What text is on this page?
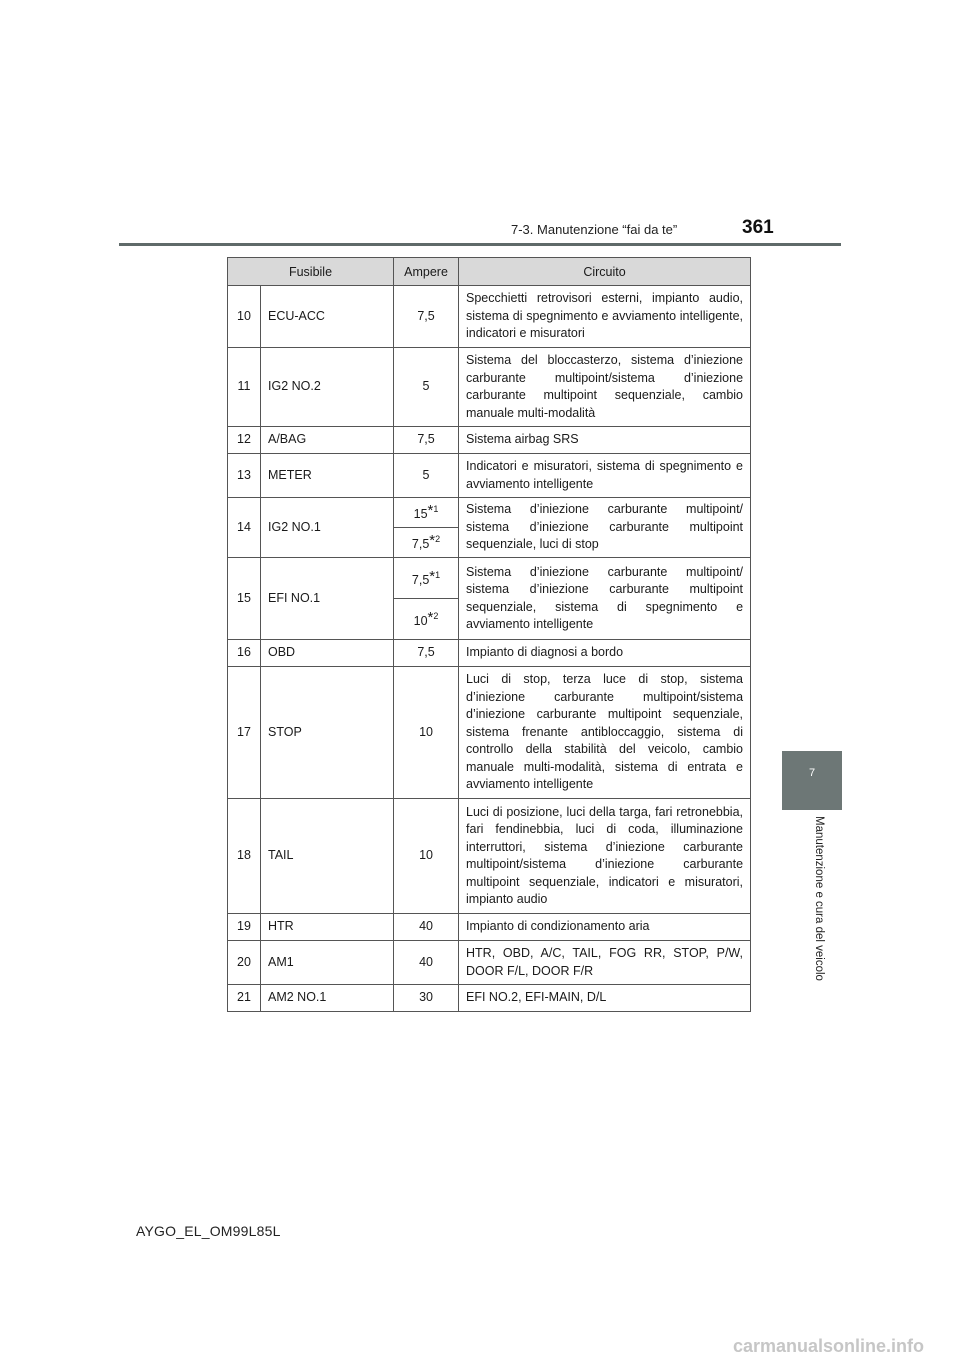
7-3. Manutenzione “fai da te”	361
7
Manutenzione e cura del veicolo
Fusibile		Ampere	Circuito
10	ECU-ACC	7,5	Specchietti retrovisori esterni, impianto audio, sistema di spegnimento e avviamento intelligente, indicatori e misuratori
11	IG2 NO.2	5	Sistema del bloccasterzo, sistema d’iniezione carburante multipoint/sistema d’iniezione carburante multipoint sequenziale, cambio manuale multi-modalità
12	A/BAG	7,5	Sistema airbag SRS
13	METER	5	Indicatori e misuratori, sistema di spegnimento e avviamento intelligente
14	IG2 NO.1	15*$^1$	Sistema d’iniezione carburante multipoint/ sistema d’iniezione carburante multipoint sequenziale, luci di stop
		7,5*$^2$
15	EFI NO.1	7,5*$^1$	Sistema d’iniezione carburante multipoint/ sistema d’iniezione carburante multipoint sequenziale, sistema di spegnimento e avviamento intelligente
		10*$^2$
16	OBD	7,5	Impianto di diagnosi a bordo
17	STOP	10	Luci di stop, terza luce di stop, sistema d’iniezione carburante multipoint/sistema d’iniezione carburante multipoint sequenziale, sistema frenante antibloccaggio, sistema di controllo della stabilità del veicolo, cambio manuale multi-modalità, sistema di entrata e avviamento intelligente
18	TAIL	10	Luci di posizione, luci della targa, fari retronebbia, fari fendinebbia, luci di coda, illuminazione interruttori, sistema d’iniezione carburante multipoint/sistema d’iniezione carburante multipoint sequenziale, indicatori e misuratori, impianto audio
19	HTR	40	Impianto di condizionamento aria
20	AM1	40	HTR, OBD, A/C, TAIL, FOG RR, STOP, P/W, DOOR F/L, DOOR F/R
21	AM2 NO.1	30	EFI NO.2, EFI-MAIN, D/L
AYGO_EL_OM99L85L
carmanualsonline.info
